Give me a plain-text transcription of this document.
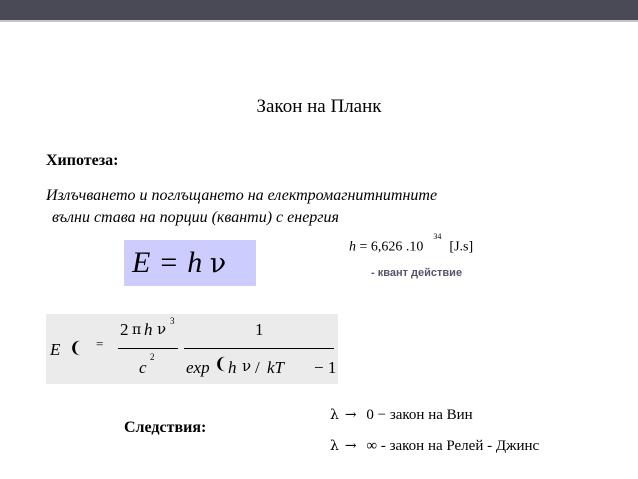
Закон на Планк
Хипотеза:
Излъчването и поглъщането на електромагнитнитните
вълни става на порции (кванти) с енергия
E = h ν
h = 6,626 $.10^{34}[J.s]$
- квант действие
E ❨ =
2 π h ν 3
c
2
1
exp ❨ h ν / kT − 1
Следствия:
λ → 0 − закон на Вин
λ → ∞ - закон на Релей - Джинс
